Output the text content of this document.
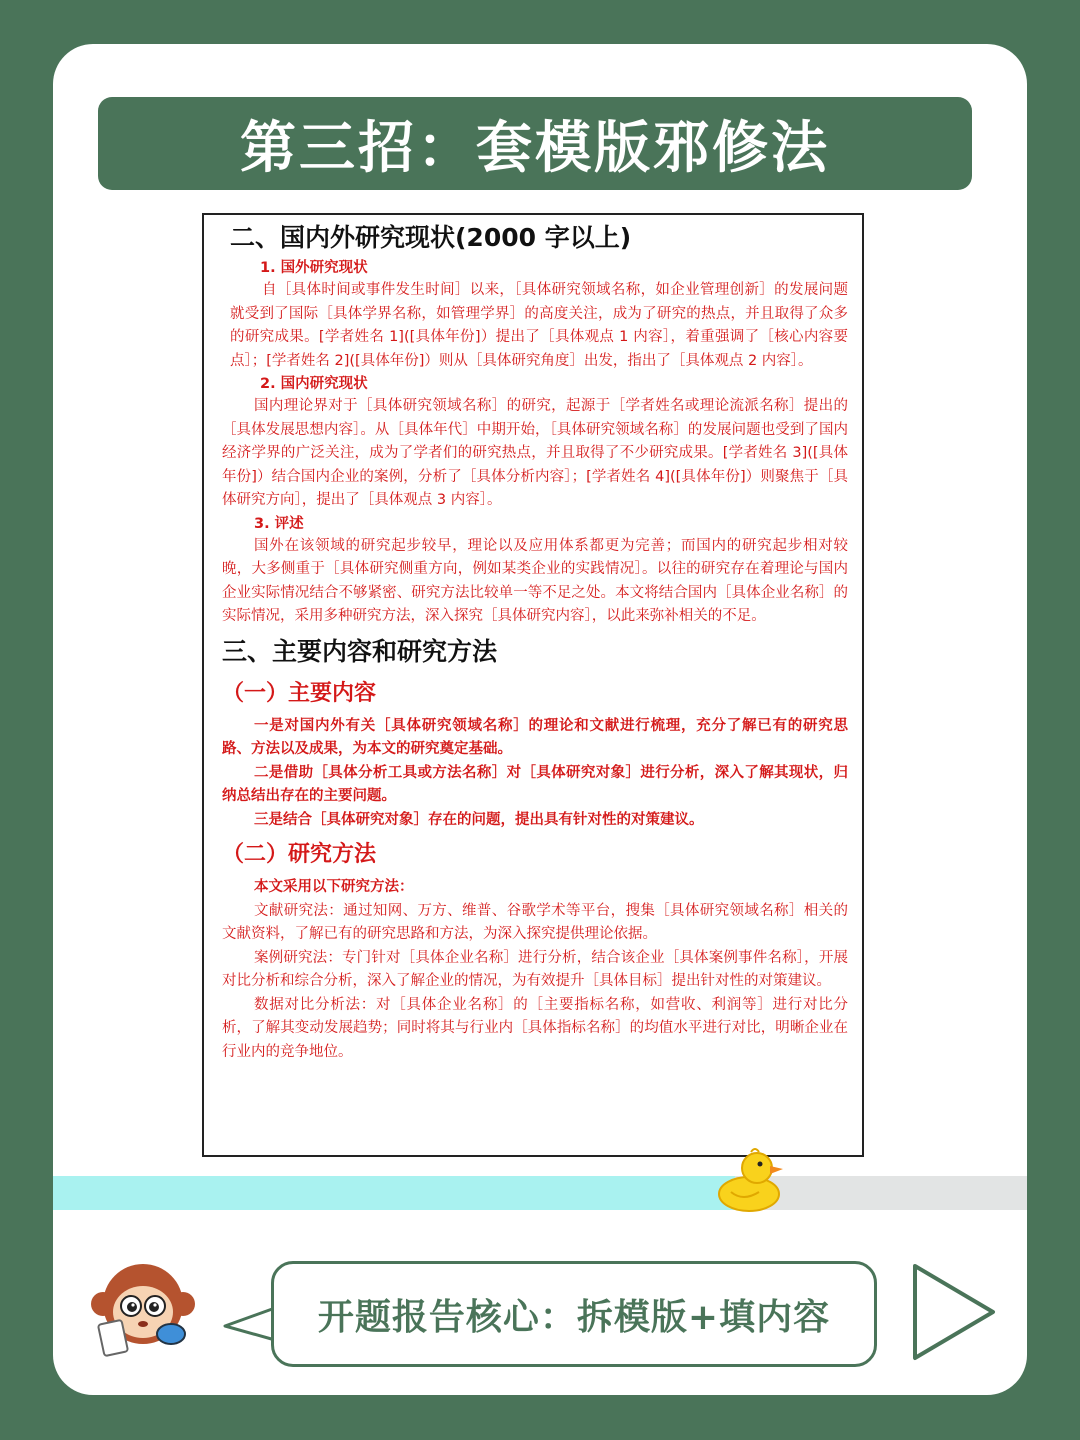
第三招：套模版邪修法
二、国内外研究现状(2000 字以上)
1. 国外研究现状

自［具体时间或事件发生时间］以来，［具体研究领域名称，如企业管理创新］的发展问题就受到了国际［具体学界名称，如管理学界］的高度关注，成为了研究的热点，并且取得了众多的研究成果。[学者姓名 1]([具体年份]）提出了［具体观点 1 内容］，着重强调了［核心内容要点］；[学者姓名 2]([具体年份]）则从［具体研究角度］出发，指出了［具体观点 2 内容］。

2. 国内研究现状

国内理论界对于［具体研究领域名称］的研究，起源于［学者姓名或理论流派名称］提出的［具体发展思想内容］。从［具体年代］中期开始，［具体研究领域名称］的发展问题也受到了国内经济学界的广泛关注，成为了学者们的研究热点，并且取得了不少研究成果。[学者姓名 3]([具体年份]）结合国内企业的案例，分析了［具体分析内容］；[学者姓名 4]([具体年份]）则聚焦于［具体研究方向］，提出了［具体观点 3 内容］。

3. 评述

国外在该领域的研究起步较早，理论以及应用体系都更为完善；而国内的研究起步相对较晚，大多侧重于［具体研究侧重方向，例如某类企业的实践情况］。以往的研究存在着理论与国内企业实际情况结合不够紧密、研究方法比较单一等不足之处。本文将结合国内［具体企业名称］的实际情况，采用多种研究方法，深入探究［具体研究内容］，以此来弥补相关的不足。

三、主要内容和研究方法
（一）主要内容

一是对国内外有关［具体研究领域名称］的理论和文献进行梳理，充分了解已有的研究思路、方法以及成果，为本文的研究奠定基础。

二是借助［具体分析工具或方法名称］对［具体研究对象］进行分析，深入了解其现状，归纳总结出存在的主要问题。

三是结合［具体研究对象］存在的问题，提出具有针对性的对策建议。

（二）研究方法

本文采用以下研究方法：

文献研究法：通过知网、万方、维普、谷歌学术等平台，搜集［具体研究领域名称］相关的文献资料，了解已有的研究思路和方法，为深入探究提供理论依据。

案例研究法：专门针对［具体企业名称］进行分析，结合该企业［具体案例事件名称］，开展对比分析和综合分析，深入了解企业的情况，为有效提升［具体目标］提出针对性的对策建议。

数据对比分析法：对［具体企业名称］的［主要指标名称，如营收、利润等］进行对比分析，了解其变动发展趋势；同时将其与行业内［具体指标名称］的均值水平进行对比，明晰企业在行业内的竞争地位。

开题报告核心：拆模版+填内容
